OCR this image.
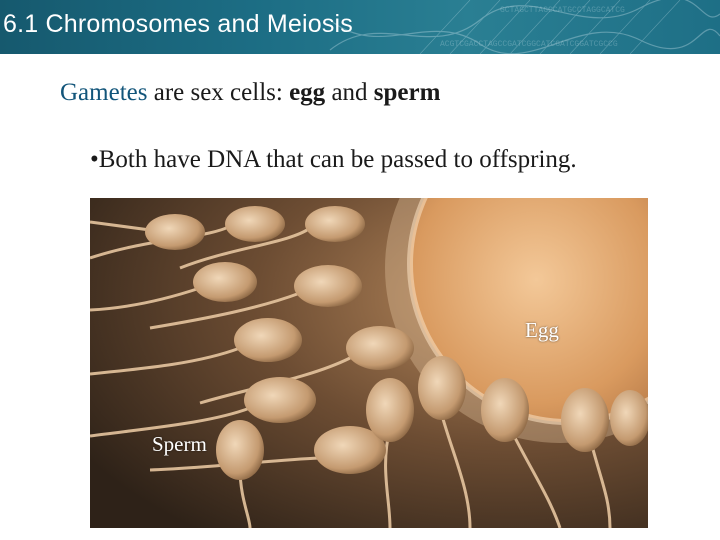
ACGTCGACCTAGCCGATCGGCATCGATCGGATCGCCG
GCTAGCTTAGCCATGCCTAGGCATCG
6.1 Chromosomes and Meiosis

Gametes are sex cells: egg and sperm

•Both have DNA that can be passed to offspring.

Egg
Sperm
